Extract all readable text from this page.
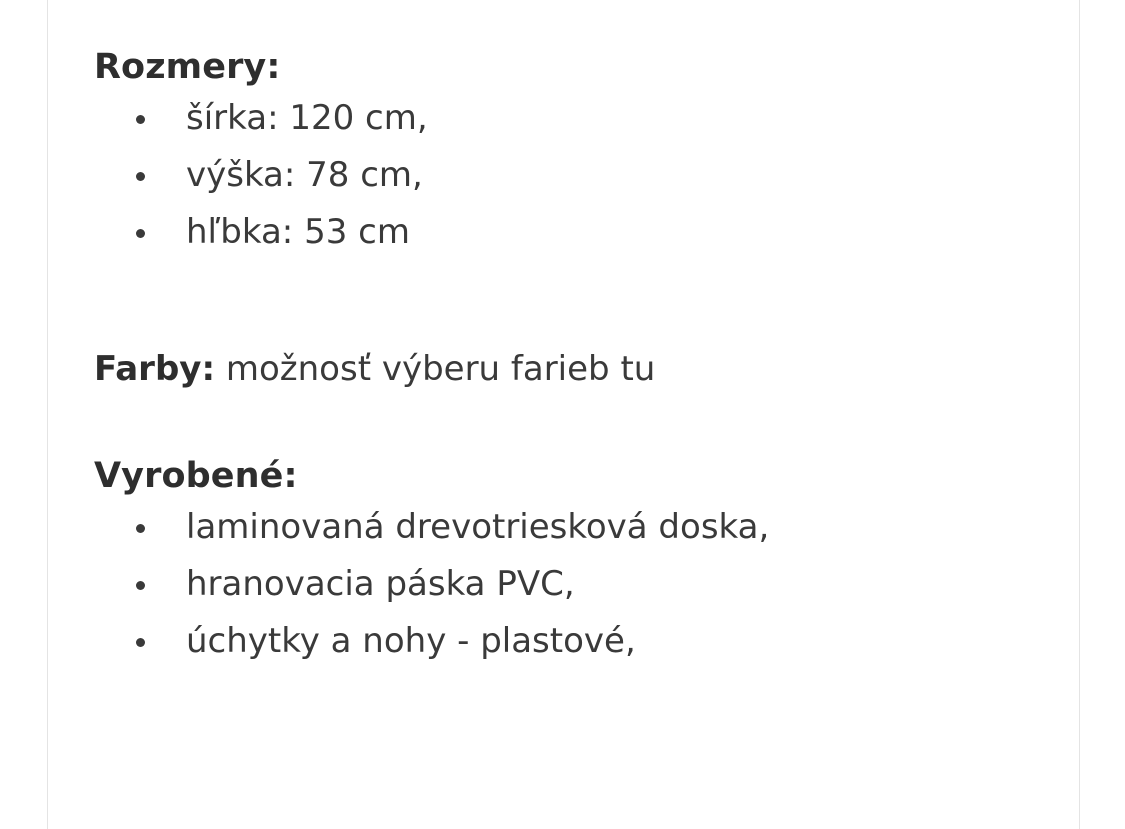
Rozmery:
šírka: 120 cm,
výška: 78 cm,
hľbka: 53 cm

Farby: možnosť výberu farieb tu

Vyrobené:
laminovaná drevotriesková doska,
hranovacia páska PVC,
úchytky a nohy - plastové,
